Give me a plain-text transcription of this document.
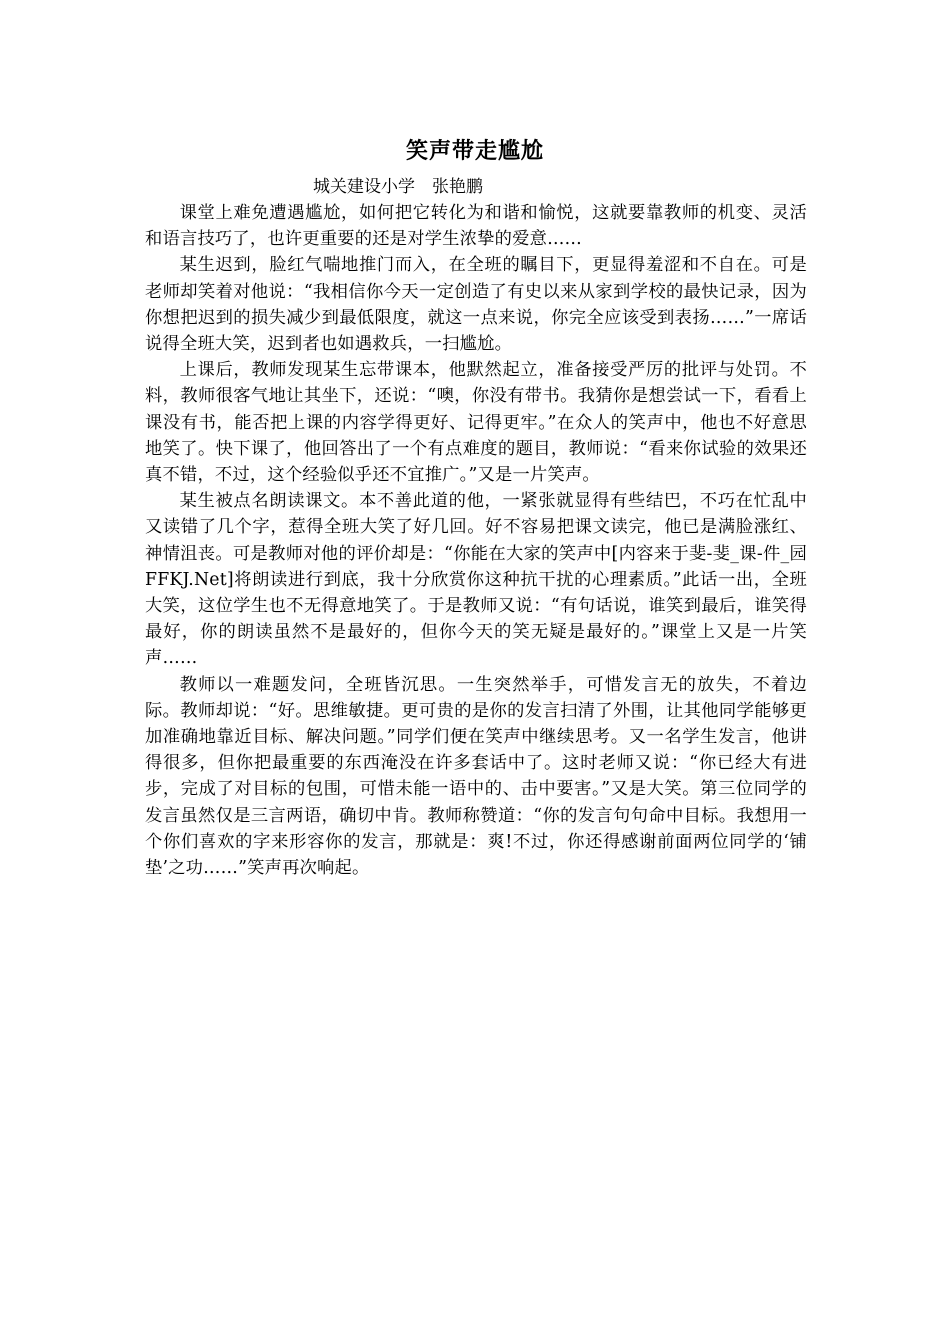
笑声带走尴尬

城关建设小学　张艳鹏

课堂上难免遭遇尴尬，如何把它转化为和谐和愉悦，这就要靠教师的机变、灵活和语言技巧了，也许更重要的还是对学生浓挚的爱意……

某生迟到，脸红气喘地推门而入，在全班的瞩目下，更显得羞涩和不自在。可是老师却笑着对他说：“我相信你今天一定创造了有史以来从家到学校的最快记录，因为你想把迟到的损失减少到最低限度，就这一点来说，你完全应该受到表扬……”一席话说得全班大笑，迟到者也如遇救兵，一扫尴尬。

上课后，教师发现某生忘带课本，他默然起立，准备接受严厉的批评与处罚。不料，教师很客气地让其坐下，还说：“噢，你没有带书。我猜你是想尝试一下，看看上课没有书，能否把上课的内容学得更好、记得更牢。”在众人的笑声中，他也不好意思地笑了。快下课了，他回答出了一个有点难度的题目，教师说：“看来你试验的效果还真不错，不过，这个经验似乎还不宜推广。”又是一片笑声。

某生被点名朗读课文。本不善此道的他，一紧张就显得有些结巴，不巧在忙乱中又读错了几个字，惹得全班大笑了好几回。好不容易把课文读完，他已是满脸涨红、神情沮丧。可是教师对他的评价却是：“你能在大家的笑声中[内容来于斐-斐_课-件_园 FFKJ.Net]将朗读进行到底，我十分欣赏你这种抗干扰的心理素质。”此话一出，全班大笑，这位学生也不无得意地笑了。于是教师又说：“有句话说，谁笑到最后，谁笑得最好，你的朗读虽然不是最好的，但你今天的笑无疑是最好的。”课堂上又是一片笑声……

教师以一难题发问，全班皆沉思。一生突然举手，可惜发言无的放失，不着边际。教师却说：“好。思维敏捷。更可贵的是你的发言扫清了外围，让其他同学能够更加准确地靠近目标、解决问题。”同学们便在笑声中继续思考。又一名学生发言，他讲得很多，但你把最重要的东西淹没在许多套话中了。这时老师又说：“你已经大有进步，完成了对目标的包围，可惜未能一语中的、击中要害。”又是大笑。第三位同学的发言虽然仅是三言两语，确切中肯。教师称赞道：“你的发言句句命中目标。我想用一个你们喜欢的字来形容你的发言，那就是：爽!不过，你还得感谢前面两位同学的‘铺垫’之功……”笑声再次响起。
